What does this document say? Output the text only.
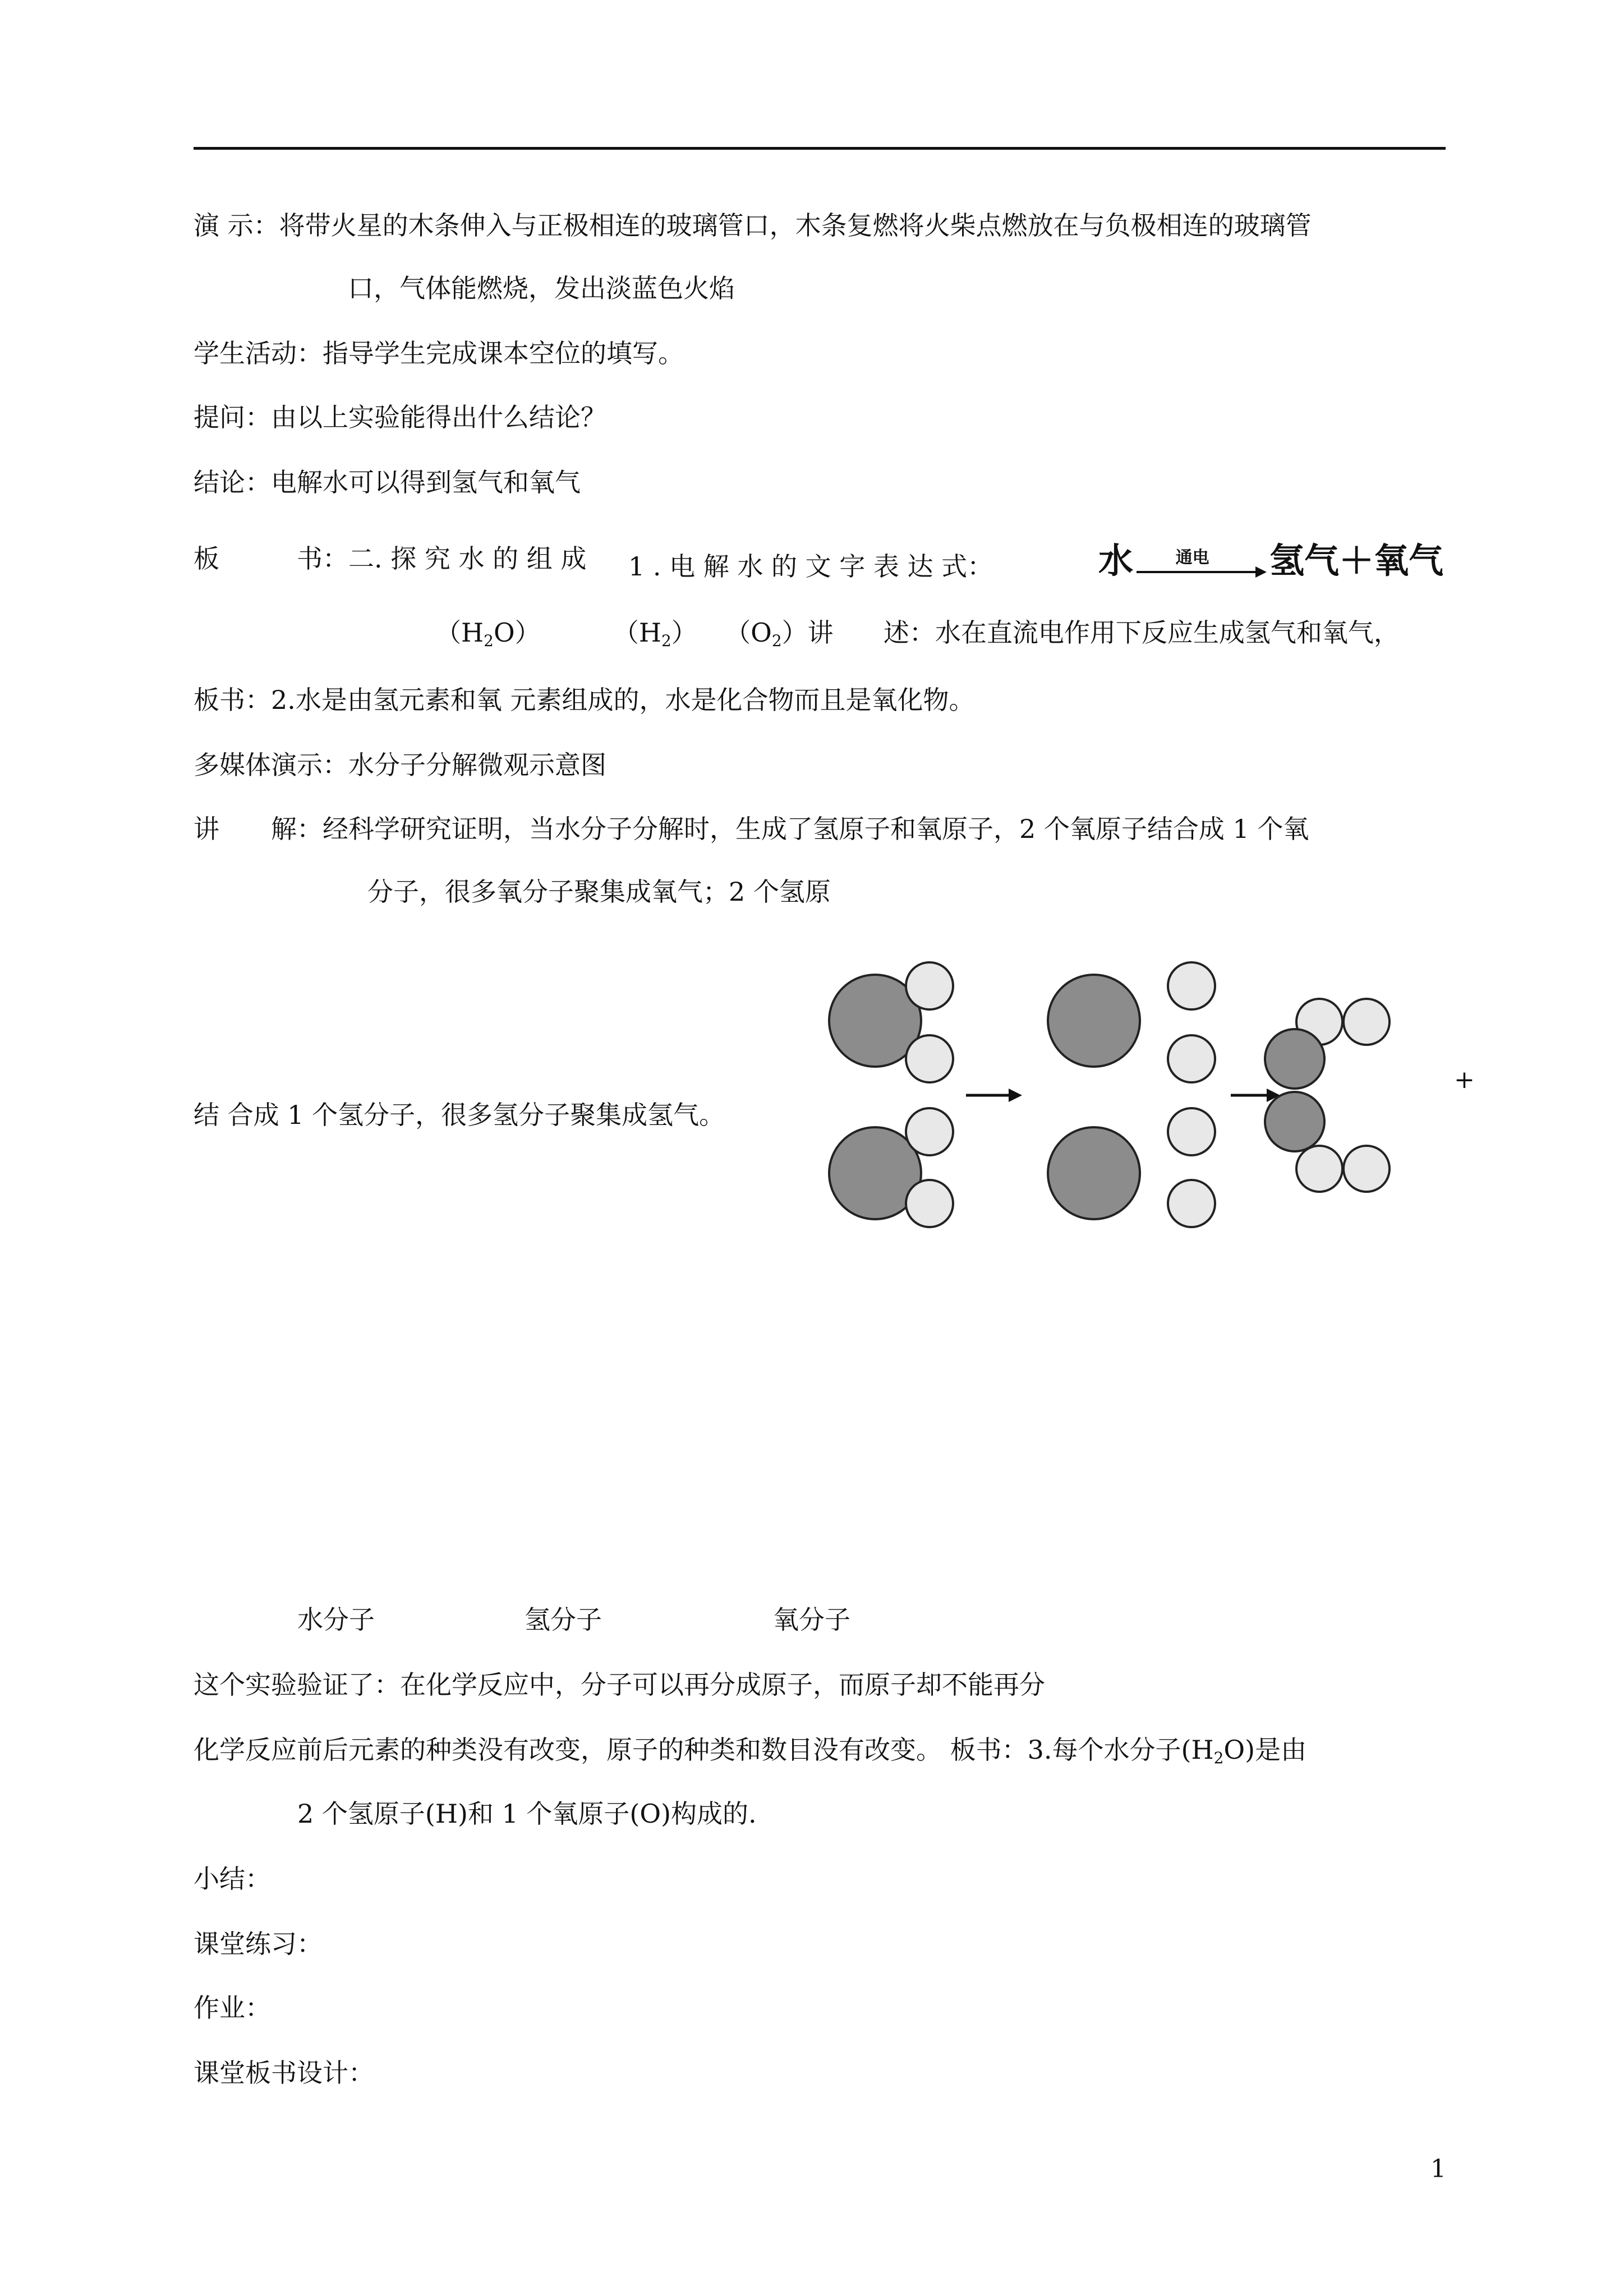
演 示：将带火星的木条伸入与正极相连的玻璃管口，木条复燃将火柴点燃放在与负极相连的玻璃管
口，气体能燃烧，发出淡蓝色火焰
学生活动：指导学生完成课本空位的填写。
提问：由以上实验能得出什么结论？
结论：电解水可以得到氢气和氧气
板　　　书：二. 探 究 水 的 组 成 1 . 电 解 水 的 文 字 表 达 式：	水	通电 氢气＋氧气
$(H_2O)$	$(H_2)$ $(O_2)$讲 述：水在直流电作用下反应生成氢气和氧气，
板书：2.水是由氢元素和氧 元素组成的，水是化合物而且是氧化物。
多媒体演示：水分子分解微观示意图
讲　　解：经科学研究证明，当水分子分解时，生成了氢原子和氧原子，2 个氧原子结合成 1 个氧
分子，很多氧分子聚集成氧气；2 个氢原
结 合成 1 个氢分子，很多氢分子聚集成氢气。
+
水分子	氢分子	氧分子
这个实验验证了：在化学反应中，分子可以再分成原子，而原子却不能再分
化学反应前后元素的种类没有改变，原子的种类和数目没有改变。 板书：3.每个水分子$(H_2O)$是由
2 个氢原子(H)和 1 个氧原子(O)构成的.
小结：
课堂练习：
作业：
课堂板书设计：
1
